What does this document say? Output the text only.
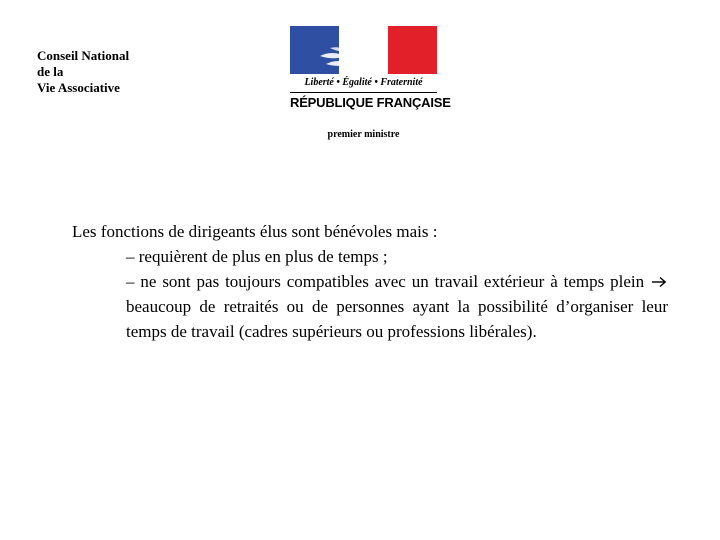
Conseil National
de la
Vie Associative	Liberté • Égalité • Fraternité
RÉPUBLIQUE FRANÇAISE
premier ministre

Les fonctions de dirigeants élus sont bénévoles mais :

– requièrent de plus en plus de temps ;
– ne sont pas toujours compatibles avec un travail extérieur à temps plein  beaucoup de retraités ou de personnes ayant la possibilité d’organiser leur temps de travail (cadres supérieurs ou professions libérales).
